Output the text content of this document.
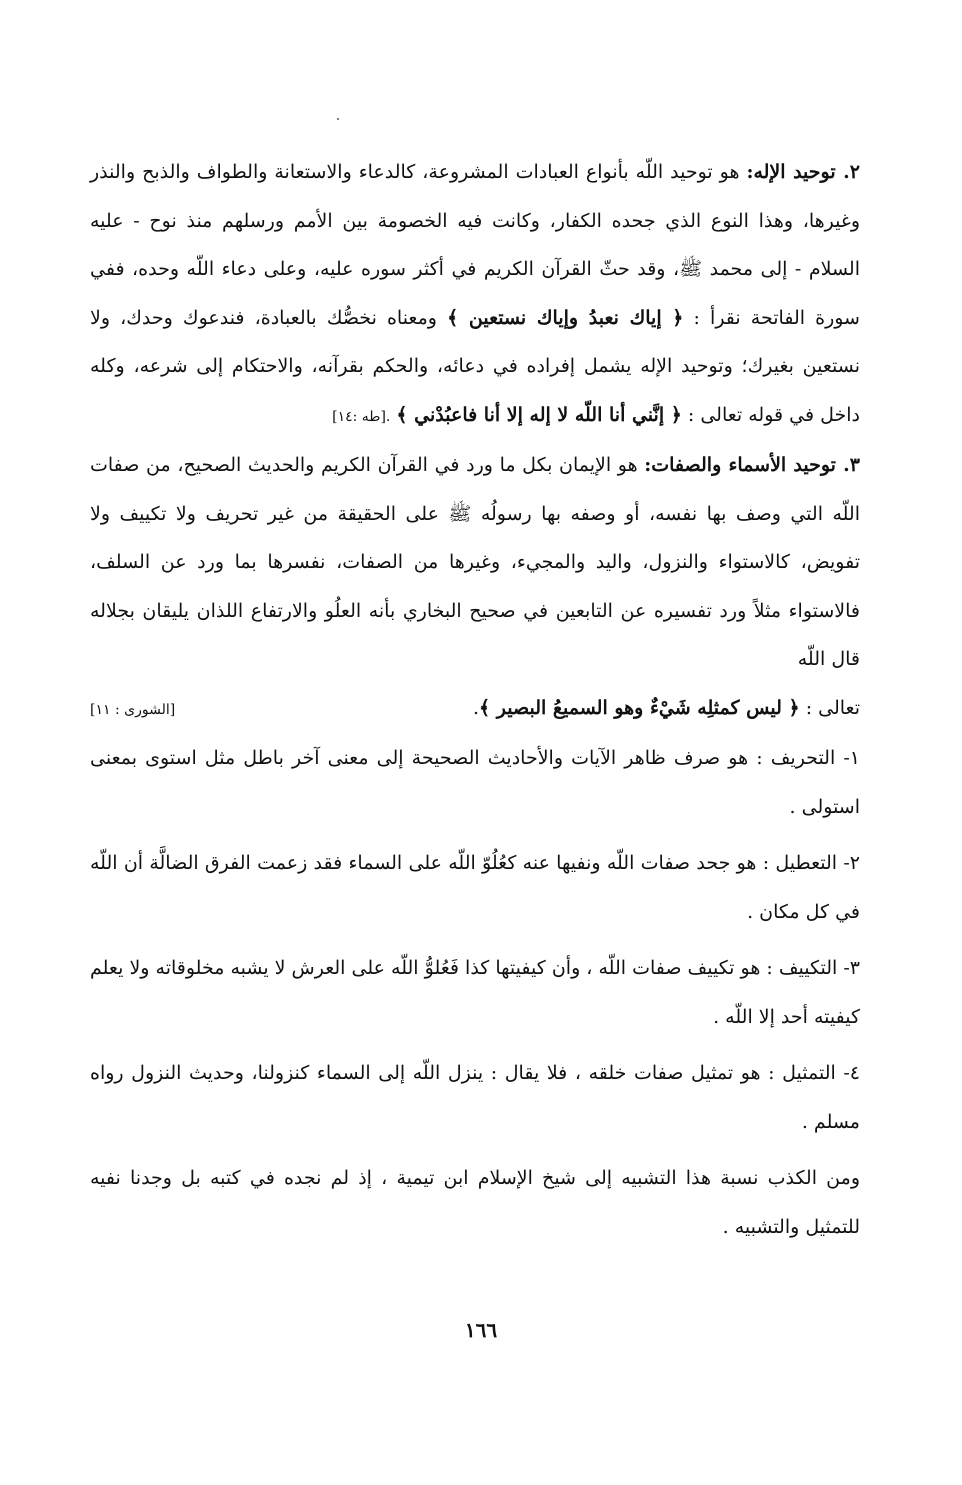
٢. توحيد الإله: هو توحيد اللّه بأنواع العبادات المشروعة، كالدعاء والاستعانة والطواف والذبح والنذر وغيرها، وهذا النوع الذي جحده الكفار، وكانت فيه الخصومة بين الأمم ورسلهم منذ نوح - عليه السلام - إلى محمد ﷺ، وقد حثّ القرآن الكريم في أكثر سوره عليه، وعلى دعاء اللّه وحده، ففي سورة الفاتحة نقرأ : ﴿ إياك نعبدُ وإياك نستعين ﴾ ومعناه نخصُّك بالعبادة، فندعوك وحدك، ولا نستعين بغيرك؛ وتوحيد الإله يشمل إفراده في دعائه، والحكم بقرآنه، والاحتكام إلى شرعه، وكله داخل في قوله تعالى : ﴿ إنَّني أنا اللّه لا إله إلا أنا فاعبُدْني ﴾ .[طه :١٤]

٣. توحيد الأسماء والصفات: هو الإيمان بكل ما ورد في القرآن الكريم والحديث الصحيح، من صفات اللّه التي وصف بها نفسه، أو وصفه بها رسولُه ﷺ على الحقيقة من غير تحريف ولا تكييف ولا تفويض، كالاستواء والنزول، واليد والمجيء، وغيرها من الصفات، نفسرها بما ورد عن السلف، فالاستواء مثلاً ورد تفسيره عن التابعين في صحيح البخاري بأنه العلُو والارتفاع اللذان يليقان بجلاله قال اللّه

تعالى : ﴿ ليس كمثلِه شَيْءٌ وهو السميعُ البصير ﴾.
[الشورى : ١١]

١- التحريف : هو صرف ظاهر الآيات والأحاديث الصحيحة إلى معنى آخر باطل مثل استوى بمعنى استولى .

٢- التعطيل : هو جحد صفات اللّه ونفيها عنه كعُلُوّ اللّه على السماء فقد زعمت الفرق الضالَّة أن اللّه في كل مكان .

٣- التكييف : هو تكييف صفات اللّه ، وأن كيفيتها كذا فَعُلوُّ اللّه على العرش لا يشبه مخلوقاته ولا يعلم كيفيته أحد إلا اللّه .

٤- التمثيل : هو تمثيل صفات خلقه ، فلا يقال : ينزل اللّه إلى السماء كنزولنا، وحديث النزول رواه مسلم .

ومن الكذب نسبة هذا التشبيه إلى شيخ الإسلام ابن تيمية ، إذ لم نجده في كتبه بل وجدنا نفيه للتمثيل والتشبيه .

١٦٦
